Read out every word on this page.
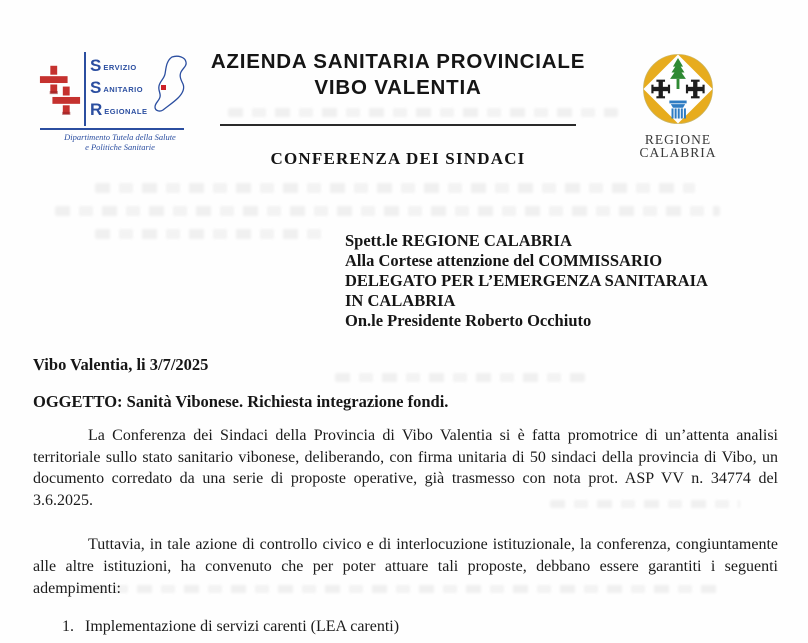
S ERVIZIO
S ANITARIO
R EGIONALE
Dipartimento Tutela della Salute
e Politiche Sanitarie
AZIENDA SANITARIA PROVINCIALE
VIBO VALENTIA
CONFERENZA DEI SINDACI
REGIONE
CALABRIA
Spett.le REGIONE CALABRIA
Alla Cortese attenzione del COMMISSARIO
DELEGATO PER L’EMERGENZA SANITARAIA
IN CALABRIA
On.le Presidente Roberto Occhiuto
Vibo Valentia, li 3/7/2025
OGGETTO: Sanità Vibonese. Richiesta integrazione fondi.

La Conferenza dei Sindaci della Provincia di Vibo Valentia si è fatta promotrice di un’attenta analisi territoriale sullo stato sanitario vibonese, deliberando, con firma unitaria di 50 sindaci della provincia di Vibo, un documento corredato da una serie di proposte operative, già trasmesso con nota prot. ASP VV n. 34774 del 3.6.2025.

Tuttavia, in tale azione di controllo civico e di interlocuzione istituzionale, la conferenza, congiuntamente alle altre istituzioni, ha convenuto che per poter attuare tali proposte, debbano essere garantiti i seguenti adempimenti:

1. Implementazione di servizi carenti (LEA carenti)
